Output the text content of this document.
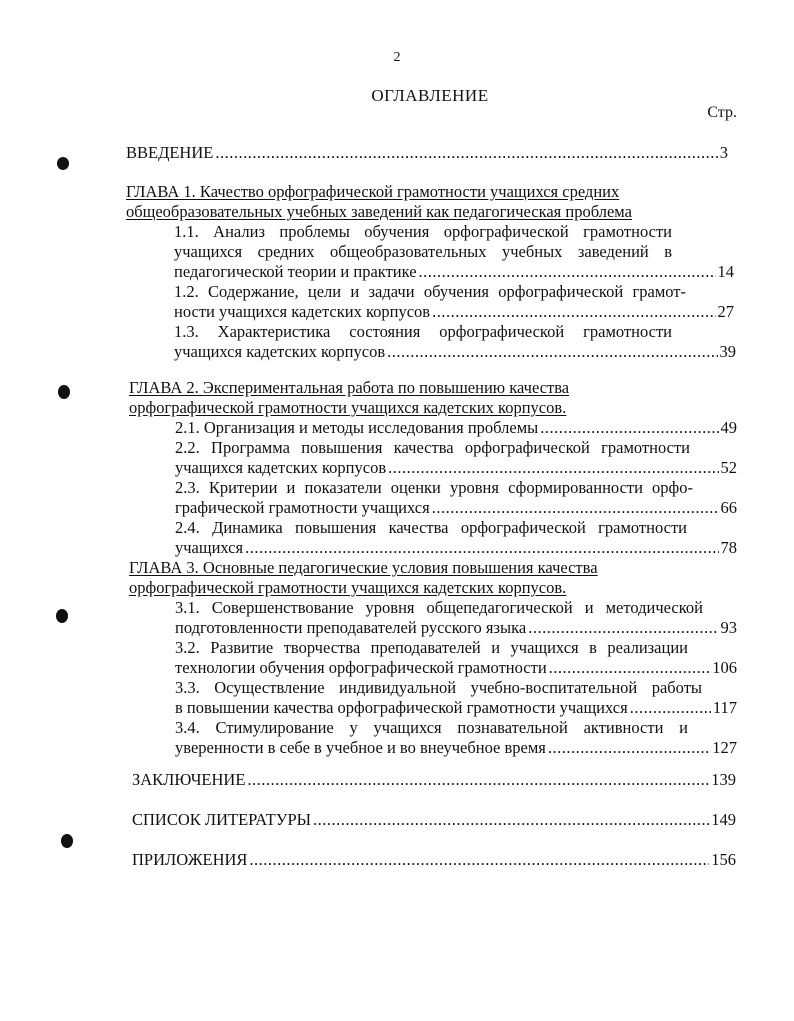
2
ОГЛАВЛЕНИЕ
Стр.
ВВЕДЕНИЕ .....	3
ГЛАВА 1. Качество орфографической грамотности учащихся средних
общеобразовательных учебных заведений как педагогическая проблема
1.1. Анализ проблемы обучения орфографической грамотности
учащихся средних общеобразовательных учебных заведений в
педагогической теории и практике .....	14
1.2. Содержание, цели и задачи обучения орфографической грамот-
ности учащихся кадетских корпусов .....	27
1.3. Характеристика состояния орфографической грамотности
учащихся кадетских корпусов .....	39
ГЛАВА 2. Экспериментальная работа по повышению качества
орфографической грамотности учащихся кадетских корпусов.
2.1. Организация и методы исследования проблемы .....	49
2.2. Программа повышения качества орфографической грамотности
учащихся кадетских корпусов .....	52
2.3. Критерии и показатели оценки уровня сформированности орфо-
графической грамотности учащихся .....	66
2.4. Динамика повышения качества орфографической грамотности
учащихся .....	78
ГЛАВА 3. Основные педагогические условия повышения качества
орфографической грамотности учащихся кадетских корпусов.
3.1. Совершенствование уровня общепедагогической и методической
подготовленности преподавателей русского языка .....	93
3.2. Развитие творчества преподавателей и учащихся в реализации
технологии обучения орфографической грамотности .....	106
3.3. Осуществление индивидуальной учебно-воспитательной работы
в повышении качества орфографической грамотности учащихся .....	117
3.4. Стимулирование у учащихся познавательной активности и
уверенности в себе в учебное и во внеучебное время .....	127
ЗАКЛЮЧЕНИЕ .....	139
СПИСОК ЛИТЕРАТУРЫ .....	149
ПРИЛОЖЕНИЯ .....	156
